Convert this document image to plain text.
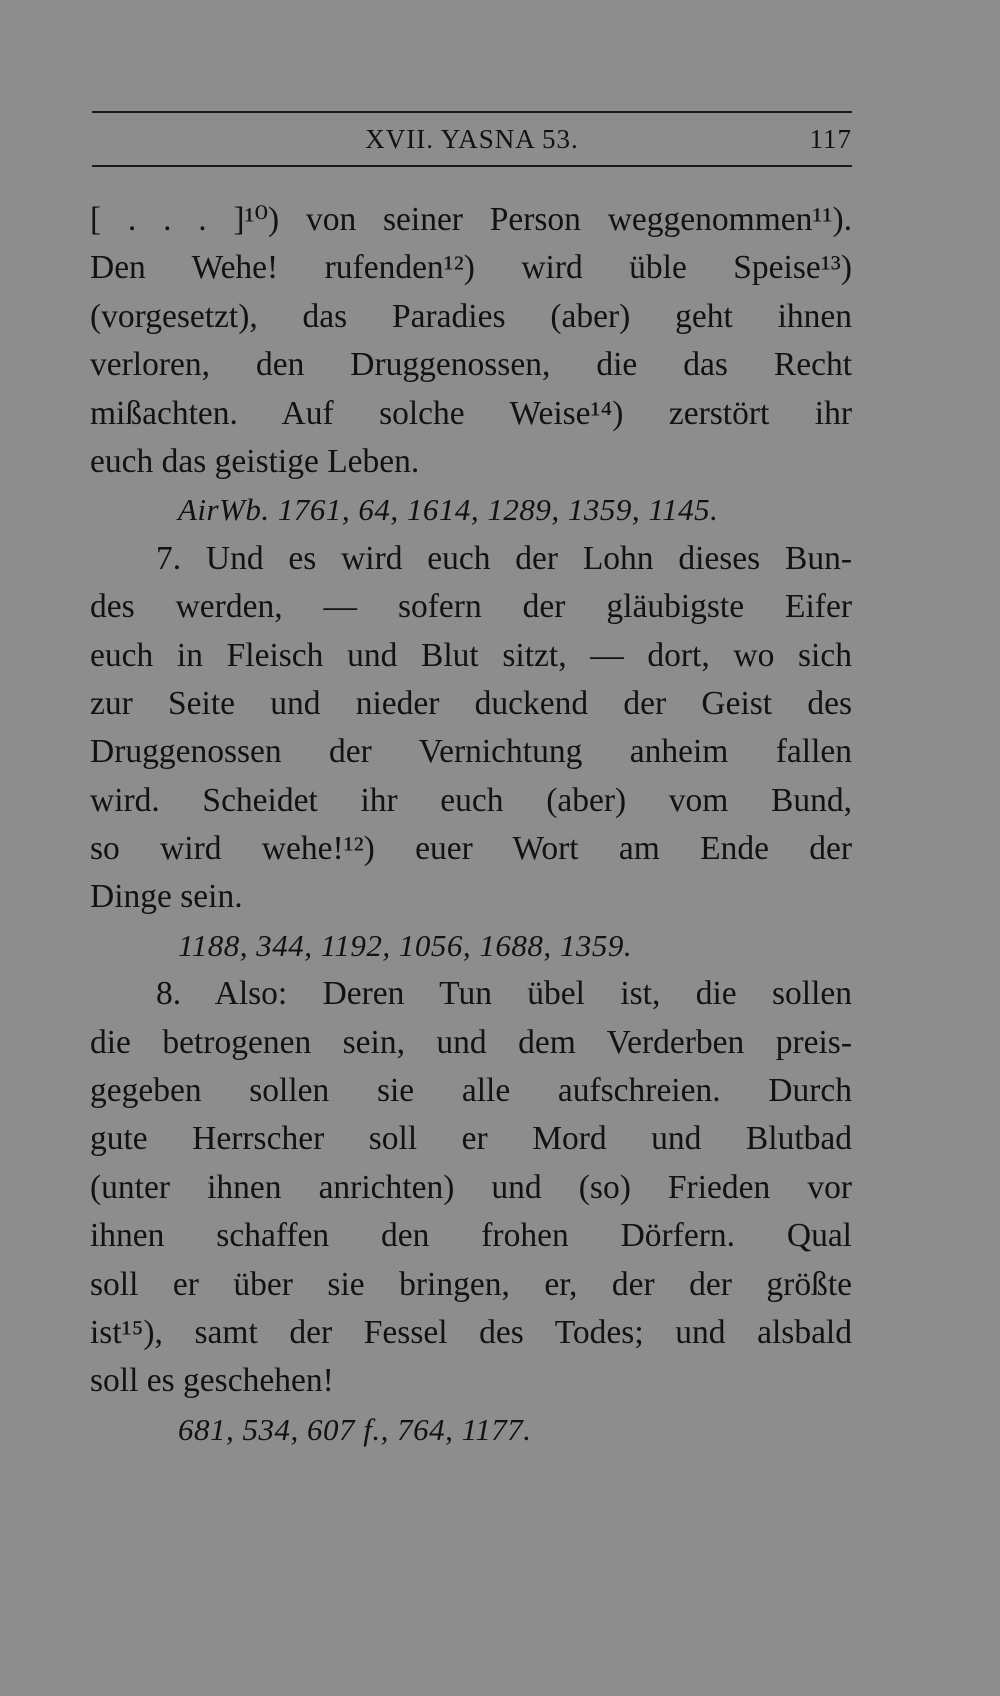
XVII. YASNA 53.	117
[ . . . ]¹⁰) von seiner Person weggenommen¹¹).
Den Wehe! rufenden¹²) wird üble Speise¹³)
(vorgesetzt), das Paradies (aber) geht ihnen
verloren, den Druggenossen, die das Recht
mißachten. Auf solche Weise¹⁴) zerstört ihr
euch das geistige Leben.
AirWb. 1761, 64, 1614, 1289, 1359, 1145.
7. Und es wird euch der Lohn dieses Bun-
des werden, — sofern der gläubigste Eifer
euch in Fleisch und Blut sitzt, — dort, wo sich
zur Seite und nieder duckend der Geist des
Druggenossen der Vernichtung anheim fallen
wird. Scheidet ihr euch (aber) vom Bund,
so wird wehe!¹²) euer Wort am Ende der
Dinge sein.
1188, 344, 1192, 1056, 1688, 1359.
8. Also: Deren Tun übel ist, die sollen
die betrogenen sein, und dem Verderben preis-
gegeben sollen sie alle aufschreien. Durch
gute Herrscher soll er Mord und Blutbad
(unter ihnen anrichten) und (so) Frieden vor
ihnen schaffen den frohen Dörfern. Qual
soll er über sie bringen, er, der der größte
ist¹⁵), samt der Fessel des Todes; und alsbald
soll es geschehen!
681, 534, 607 f., 764, 1177.
